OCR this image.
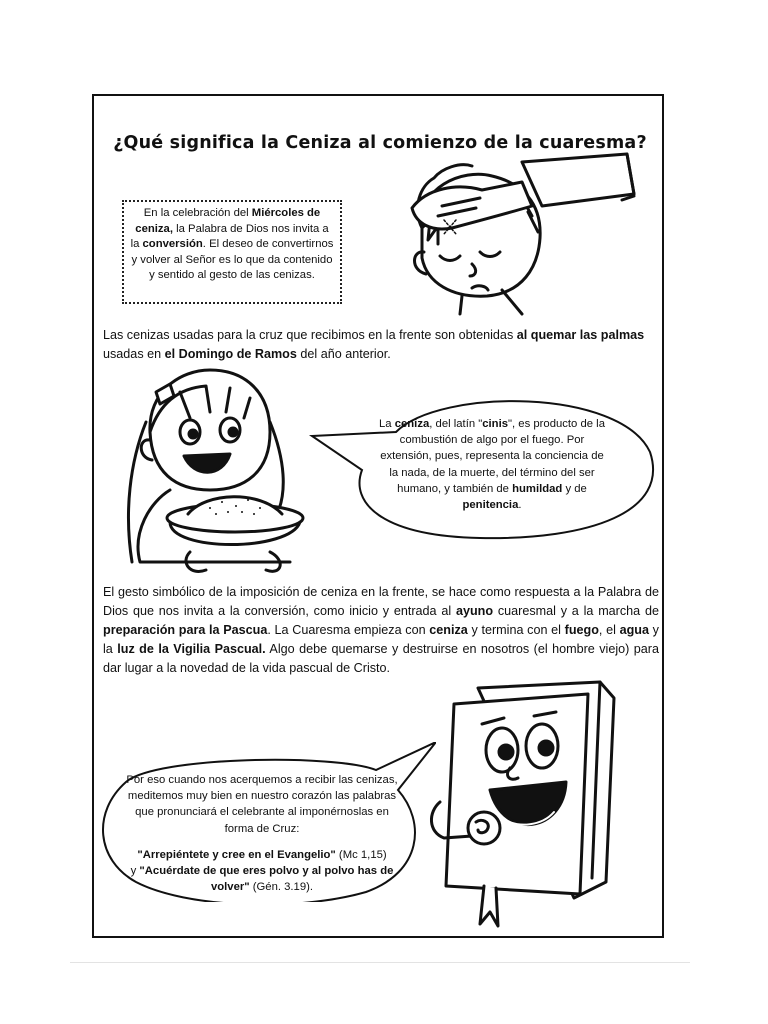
¿Qué significa la Ceniza al comienzo de la cuaresma?
En la celebración del Miércoles de ceniza, la Palabra de Dios nos invita a la conversión. El deseo de convertirnos y volver al Señor es lo que da contenido y sentido al gesto de las cenizas.
Las cenizas usadas para la cruz que recibimos en la frente son obtenidas al quemar las palmas usadas en el Domingo de Ramos del año anterior.
La ceniza, del latín "cinis", es producto de la combustión de algo por el fuego. Por extensión, pues, representa la conciencia de la nada, de la muerte, del término del ser humano, y también de humildad y de penitencia.
El gesto simbólico de la imposición de ceniza en la frente, se hace como respuesta a la Palabra de Dios que nos invita a la conversión, como inicio y entrada al ayuno cuaresmal y a la marcha de preparación para la Pascua. La Cuaresma empieza con ceniza y termina con el fuego, el agua y la luz de la Vigilia Pascual. Algo debe quemarse y destruirse en nosotros (el hombre viejo) para dar lugar a la novedad de la vida pascual de Cristo.

Por eso cuando nos acerquemos a recibir las cenizas, meditemos muy bien en nuestro corazón las palabras que pronunciará el celebrante al imponérnoslas en forma de Cruz:

"Arrepiéntete y cree en el Evangelio" (Mc 1,15)
y "Acuérdate de que eres polvo y al polvo has de volver" (Gén. 3.19).
